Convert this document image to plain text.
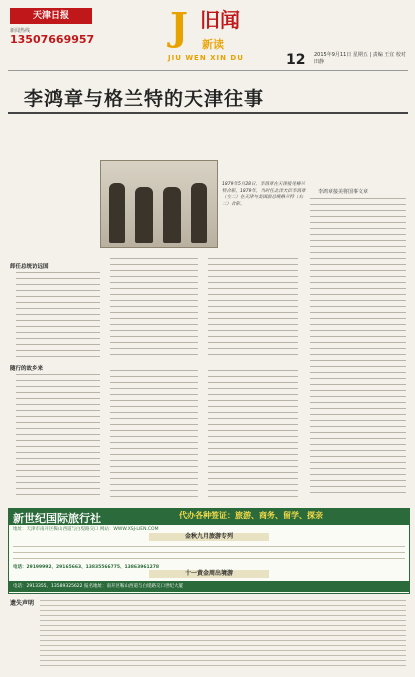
天津日报
新闻热线
13507669957 J 旧闻
新读
JIU WEN XIN DU	12 2015年9月11日 星期五 | 责编 王宜 校对 田静
李鸿章与格兰特的天津往事
1879年5月28日，李鸿章在天津接见格兰特合影。1879年，当时任北洋大臣李鸿章（左二）在天津与美国前总统格兰特（右二）合影。
李鸿章接美将国事文章
卸任总统访远国
随行的故乡来
新世纪国际旅行社	代办各种签证：旅游、商务、留学、探亲
地址：天津市南开区鞍山西道与白堤路交口 网站：WWW.XSJ-LIEN.COM
金秋九月旅游专列
电话：29199992、29165663、13835566775、13863961278
十一黄金周出境游
电话：2913355、13589325622 报名地址：南开区鞍山西道与白堤路交口世纪大厦
遗失声明
